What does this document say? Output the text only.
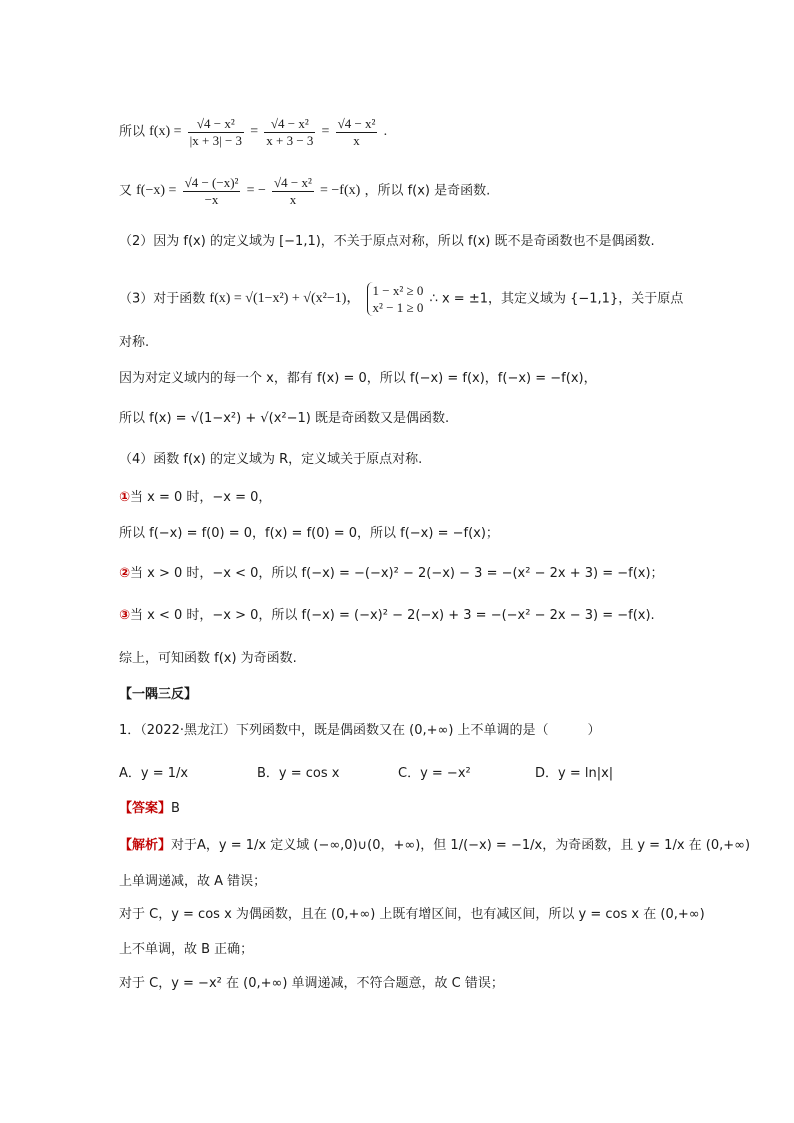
所以 $f(x) = \frac{\text{√4 − x²}}{|x + 3| - 3} = \frac{\text{√4 − x²}}{x + 3 - 3} = \frac{\text{√4 − x²}}{x}$ .
又 $f(-x) = \frac{\text{√4 − (−x)²}}{-x}$ = − $\frac{\text{√4 − x²}}{x} = -f(x)$ ，所以 f(x) 是奇函数.
（2）因为 f(x) 的定义域为 [−1,1)，不关于原点对称，所以 f(x) 既不是奇函数也不是偶函数.
（3）对于函数 f(x) = √(1−x²) + √(x²−1)，
1 − x² ≥ 0
x² − 1 ≥ 0
∴ x = ±1，其定义域为 {−1,1}，关于原点
对称.
因为对定义域内的每一个 x，都有 f(x) = 0，所以 f(−x) = f(x)，f(−x) = −f(x)，
所以 f(x) = √(1−x²) + √(x²−1) 既是奇函数又是偶函数.
（4）函数 f(x) 的定义域为 R，定义域关于原点对称.
①当 x = 0 时，−x = 0，
所以 f(−x) = f(0) = 0，f(x) = f(0) = 0，所以 f(−x) = −f(x)；
②当 x > 0 时，−x < 0，所以 f(−x) = −(−x)² − 2(−x) − 3 = −(x² − 2x + 3) = −f(x)；
③当 x < 0 时，−x > 0，所以 f(−x) = (−x)² − 2(−x) + 3 = −(−x² − 2x − 3) = −f(x).
综上，可知函数 f(x) 为奇函数.
【一隅三反】
1．（2022·黑龙江）下列函数中，既是偶函数又在 (0,+∞) 上不单调的是（　　　）
A．y = 1/x	B．y = cos x	C．y = −x²	D．y = ln|x|
【答案】B
【解析】对于A，y = 1/x 定义域 (−∞,0)∪(0，+∞)，但 1/(−x) = −1/x，为奇函数，且 y = 1/x 在 (0,+∞)
上单调递减，故 A 错误；
对于 C，y = cos x 为偶函数，且在 (0,+∞) 上既有增区间，也有减区间，所以 y = cos x 在 (0,+∞)
上不单调，故 B 正确；
对于 C，y = −x² 在 (0,+∞) 单调递减，不符合题意，故 C 错误；
